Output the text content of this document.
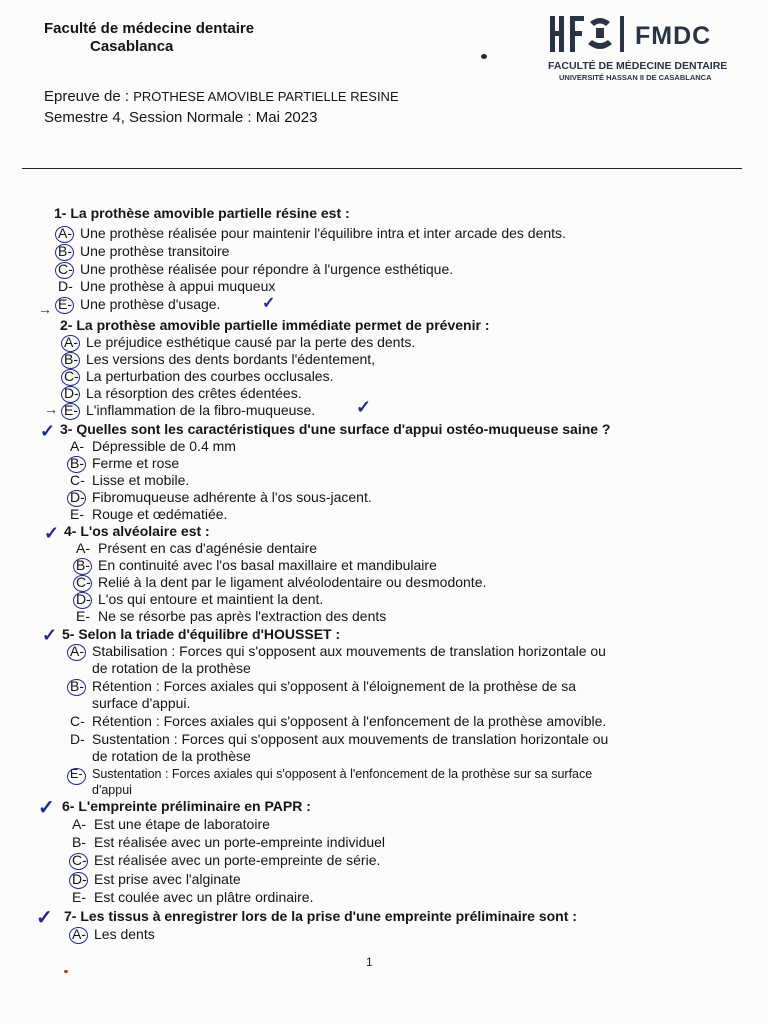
Faculté de médecine dentaire
Casablanca	FMDC
FACULTÉ DE MÉDECINE DENTAIRE
UNIVERSITÉ HASSAN II DE CASABLANCA
Epreuve de : PROTHESE AMOVIBLE PARTIELLE RESINE
Semestre 4, Session Normale : Mai 2023
1- La prothèse amovible partielle résine est :
A- Une prothèse réalisée pour maintenir l'équilibre intra et inter arcade des dents.
B- Une prothèse transitoire
C- Une prothèse réalisée pour répondre à l'urgence esthétique.
D- Une prothèse à appui muqueux
E- Une prothèse d'usage.
→	✓
2- La prothèse amovible partielle immédiate permet de prévenir :
A- Le préjudice esthétique causé par la perte des dents.
B- Les versions des dents bordants l'édentement,
C- La perturbation des courbes occlusales.
D- La résorption des crêtes édentées.
E- L'inflammation de la fibro-muqueuse.
→	✓
3- Quelles sont les caractéristiques d'une surface d'appui ostéo-muqueuse saine ?
✓
A- Dépressible de 0.4 mm
B- Ferme et rose
C- Lisse et mobile.
D- Fibromuqueuse adhérente à l'os sous-jacent.
E- Rouge et œdématiée.
4- L'os alvéolaire est :
✓
A- Présent en cas d'agénésie dentaire
B- En continuité avec l'os basal maxillaire et mandibulaire
C- Relié à la dent par le ligament alvéolodentaire ou desmodonte.
D- L'os qui entoure et maintient la dent.
E- Ne se résorbe pas après l'extraction des dents
5- Selon la triade d'équilibre d'HOUSSET :
✓
A- Stabilisation : Forces qui s'opposent aux mouvements de translation horizontale ou
de rotation de la prothèse
B- Rétention : Forces axiales qui s'opposent à l'éloignement de la prothèse de sa
surface d'appui.
C- Rétention : Forces axiales qui s'opposent à l'enfoncement de la prothèse amovible.
D- Sustentation : Forces qui s'opposent aux mouvements de translation horizontale ou
de rotation de la prothèse
E- Sustentation : Forces axiales qui s'opposent à l'enfoncement de la prothèse sur sa surface
d'appui
6- L'empreinte préliminaire en PAPR :
✓
A- Est une étape de laboratoire
B- Est réalisée avec un porte-empreinte individuel
C- Est réalisée avec un porte-empreinte de série.
D- Est prise avec l'alginate
E- Est coulée avec un plâtre ordinaire.
7- Les tissus à enregistrer lors de la prise d'une empreinte préliminaire sont :
✓
A- Les dents
1
